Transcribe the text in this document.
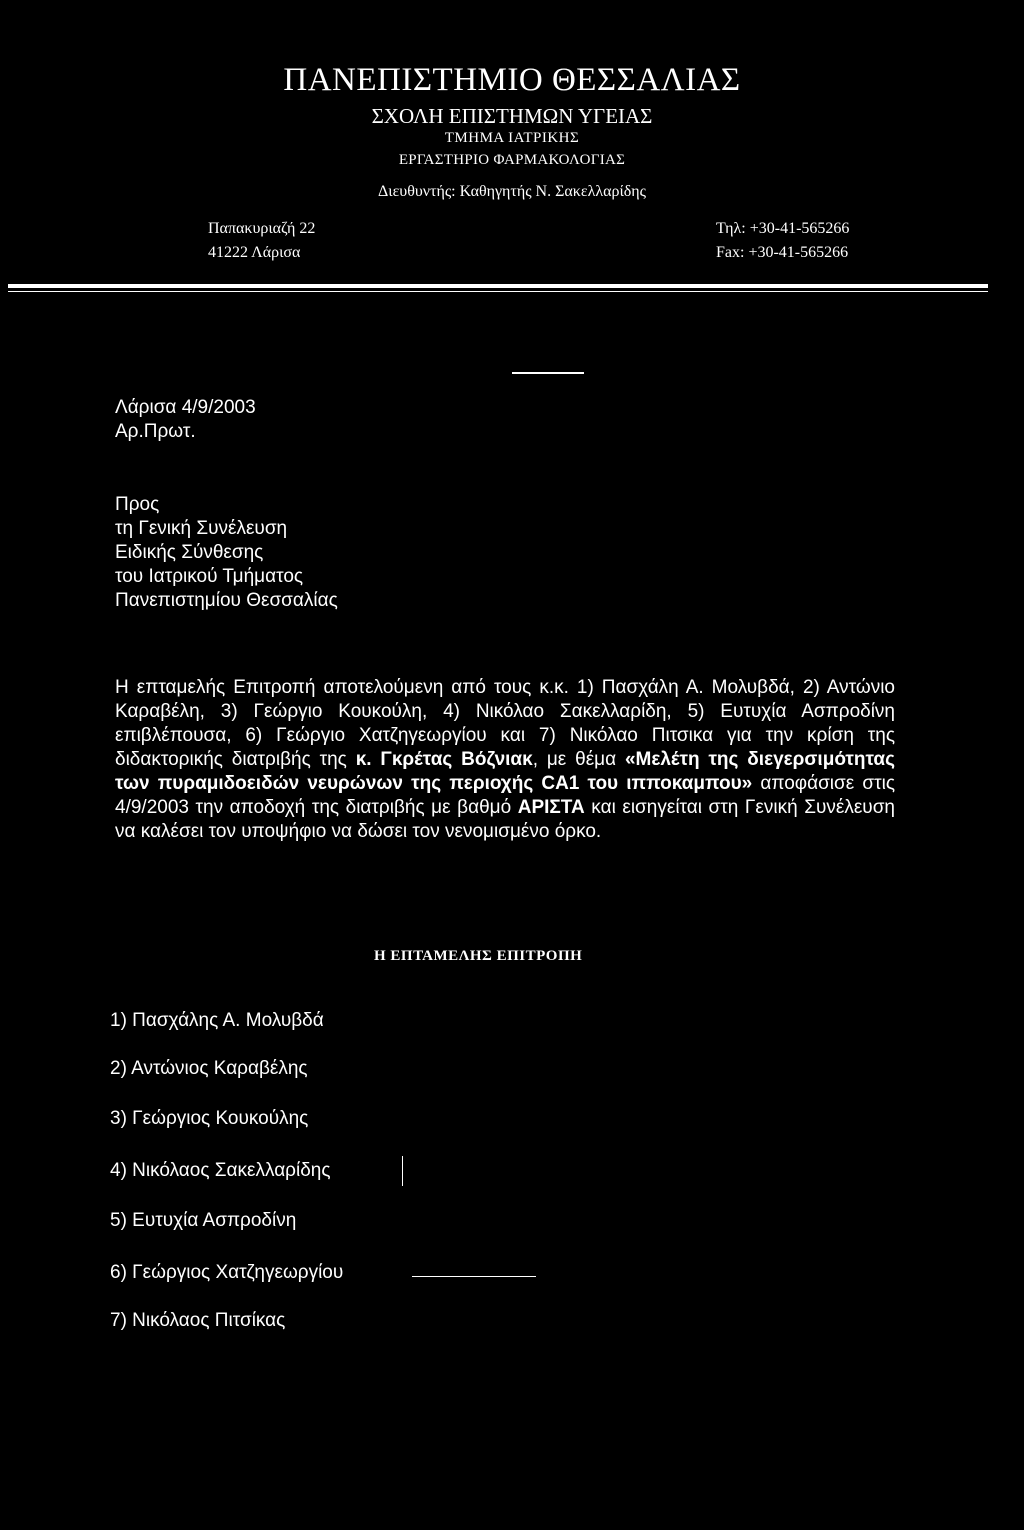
ΠΑΝΕΠΙΣΤΗΜΙΟ ΘΕΣΣΑΛΙΑΣ
ΣΧΟΛΗ ΕΠΙΣΤΗΜΩΝ ΥΓΕΙΑΣ
ΤΜΗΜΑ ΙΑΤΡΙΚΗΣ
ΕΡΓΑΣΤΗΡΙΟ ΦΑΡΜΑΚΟΛΟΓΙΑΣ
Διευθυντής: Καθηγητής Ν. Σακελλαρίδης
Παπακυριαζή 22
41222 Λάρισα
Τηλ: +30-41-565266
Fax: +30-41-565266
Λάρισα 4/9/2003
Αρ.Πρωτ.
Προς
τη Γενική Συνέλευση
Ειδικής Σύνθεσης
του Ιατρικού Τμήματος
Πανεπιστημίου Θεσσαλίας
Η επταμελής Επιτροπή αποτελούμενη από τους κ.κ. 1) Πασχάλη Α. Μολυβδά, 2) Αντώνιο Καραβέλη, 3) Γεώργιο Κουκούλη, 4) Νικόλαο Σακελλαρίδη, 5) Ευτυχία Ασπροδίνη επιβλέπουσα, 6) Γεώργιο Χατζηγεωργίου και 7) Νικόλαο Πιτσικα για την κρίση της διδακτορικής διατριβής της κ. Γκρέτας Βόζνιακ, με θέμα «Μελέτη της διεγερσιμότητας των πυραμιδοειδών νευρώνων της περιοχής CA1 του ιπποκαμπου» αποφάσισε στις 4/9/2003 την αποδοχή της διατριβής με βαθμό ΑΡΙΣΤΑ και εισηγείται στη Γενική Συνέλευση να καλέσει τον υποψήφιο να δώσει τον νενομισμένο όρκο.
Η ΕΠΤΑΜΕΛΗΣ ΕΠΙΤΡΟΠΗ
1) Πασχάλης Α. Μολυβδά
2) Αντώνιος Καραβέλης
3) Γεώργιος Κουκούλης
4) Νικόλαος Σακελλαρίδης
5) Ευτυχία Ασπροδίνη
6) Γεώργιος Χατζηγεωργίου
7) Νικόλαος Πιτσίκας
